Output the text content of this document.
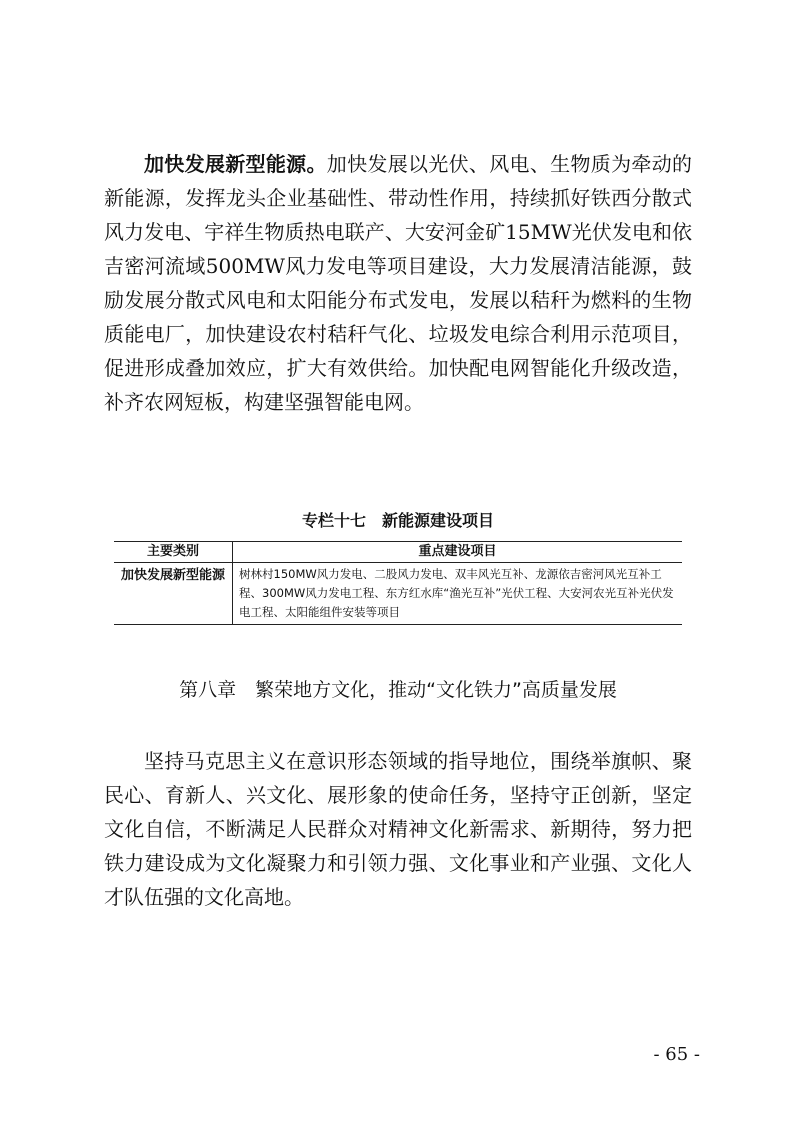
加快发展新型能源。加快发展以光伏、风电、生物质为牵动的新能源，发挥龙头企业基础性、带动性作用，持续抓好铁西分散式风力发电、宇祥生物质热电联产、大安河金矿15MW光伏发电和依吉密河流域500MW风力发电等项目建设，大力发展清洁能源，鼓励发展分散式风电和太阳能分布式发电，发展以秸秆为燃料的生物质能电厂，加快建设农村秸秆气化、垃圾发电综合利用示范项目，促进形成叠加效应，扩大有效供给。加快配电网智能化升级改造，补齐农网短板，构建坚强智能电网。

专栏十七　新能源建设项目
主要类别	重点建设项目
加快发展新型能源	树林村150MW风力发电、二股风力发电、双丰风光互补、龙源依吉密河风光互补工程、300MW风力发电工程、东方红水库“渔光互补”光伏工程、大安河农光互补光伏发电工程、太阳能组件安装等项目
第八章　繁荣地方文化，推动“文化铁力”高质量发展

坚持马克思主义在意识形态领域的指导地位，围绕举旗帜、聚民心、育新人、兴文化、展形象的使命任务，坚持守正创新，坚定文化自信，不断满足人民群众对精神文化新需求、新期待，努力把铁力建设成为文化凝聚力和引领力强、文化事业和产业强、文化人才队伍强的文化高地。

- 65 -
